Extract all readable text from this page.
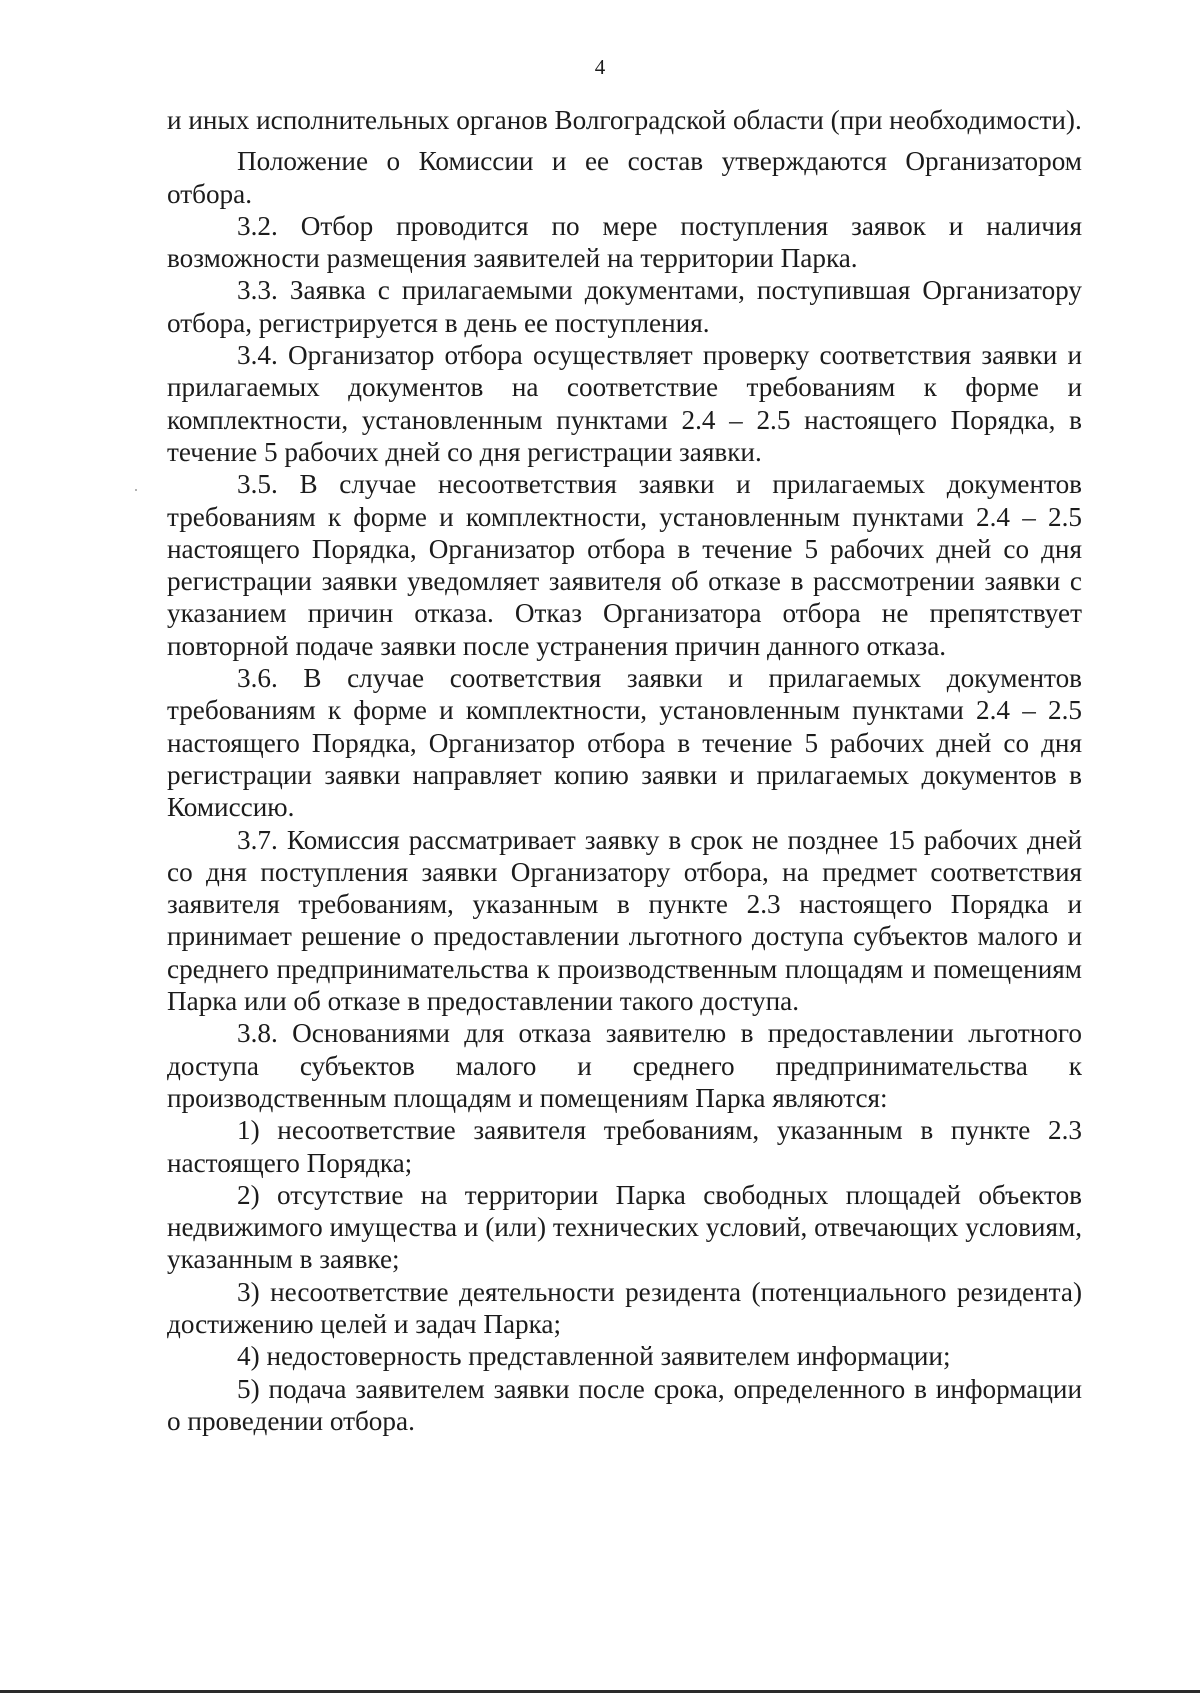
4

и иных исполнительных органов Волгоградской области (при необходимости).

Положение о Комиссии и ее состав утверждаются Организатором отбора.

3.2. Отбор проводится по мере поступления заявок и наличия возможности размещения заявителей на территории Парка.

3.3. Заявка с прилагаемыми документами, поступившая Организатору отбора, регистрируется в день ее поступления.

3.4. Организатор отбора осуществляет проверку соответствия заявки и прилагаемых документов на соответствие требованиям к форме и комплектности, установленным пунктами 2.4 – 2.5 настоящего Порядка, в течение 5 рабочих дней со дня регистрации заявки.

3.5. В случае несоответствия заявки и прилагаемых документов требованиям к форме и комплектности, установленным пунктами 2.4 – 2.5 настоящего Порядка, Организатор отбора в течение 5 рабочих дней со дня регистрации заявки уведомляет заявителя об отказе в рассмотрении заявки с указанием причин отказа. Отказ Организатора отбора не препятствует повторной подаче заявки после устранения причин данного отказа.

3.6. В случае соответствия заявки и прилагаемых документов требованиям к форме и комплектности, установленным пунктами 2.4 – 2.5 настоящего Порядка, Организатор отбора в течение 5 рабочих дней со дня регистрации заявки направляет копию заявки и прилагаемых документов в Комиссию.

3.7. Комиссия рассматривает заявку в срок не позднее 15 рабочих дней со дня поступления заявки Организатору отбора, на предмет соответствия заявителя требованиям, указанным в пункте 2.3 настоящего Порядка и принимает решение о предоставлении льготного доступа субъектов малого и среднего предпринимательства к производственным площадям и помещениям Парка или об отказе в предоставлении такого доступа.

3.8. Основаниями для отказа заявителю в предоставлении льготного доступа субъектов малого и среднего предпринимательства к производственным площадям и помещениям Парка являются:

1) несоответствие заявителя требованиям, указанным в пункте 2.3 настоящего Порядка;

2) отсутствие на территории Парка свободных площадей объектов недвижимого имущества и (или) технических условий, отвечающих условиям, указанным в заявке;

3) несоответствие деятельности резидента (потенциального резидента) достижению целей и задач Парка;

4) недостоверность представленной заявителем информации;

5) подача заявителем заявки после срока, определенного в информации о проведении отбора.
